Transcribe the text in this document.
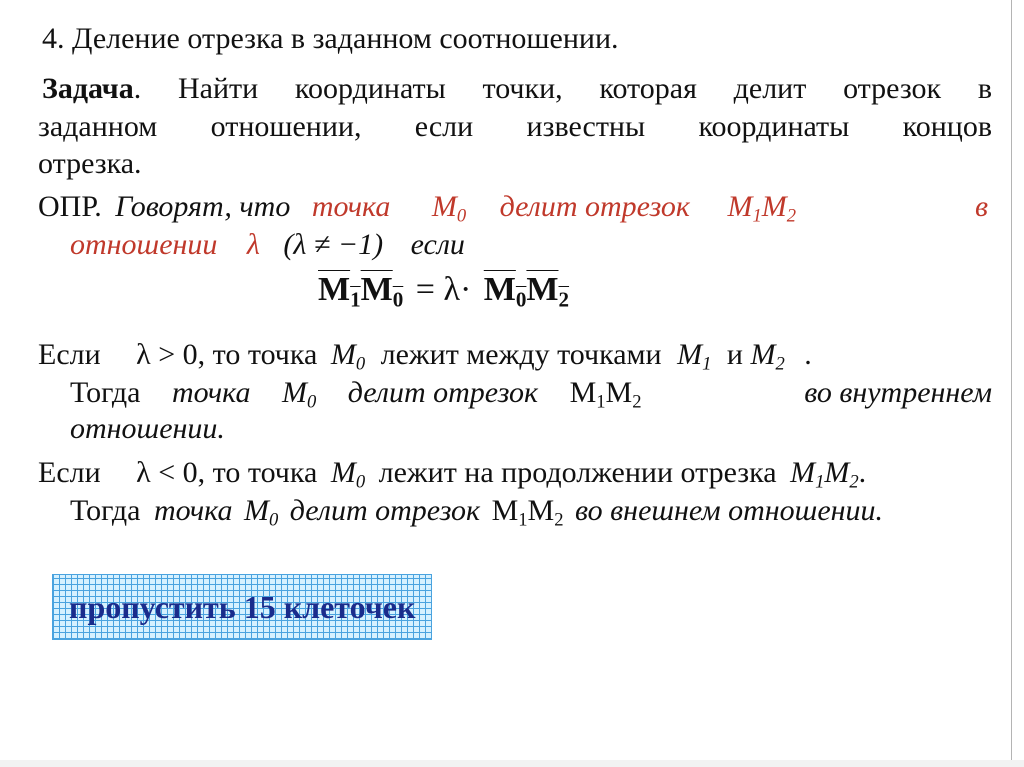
4. Деление отрезка в заданном соотношении.
Задача. Найти координаты точки, которая делит отрезок в
заданном отношении, если известны координаты концов
отрезка.
ОПР. Говорят, что точка $M_0$ делит отрезок $M_1M_2$	в
отношении λ (λ ≠ −1) если
$M_1M_0 = \lambda\cdot M_0M_2$
Если λ > 0, то точка $M_0$ лежит между точками $M_1$ и $M_2$ .
Тогда точка $M_0$ делит отрезок $M_1M_2$	во внутреннем
отношении.
Если λ < 0, то точка $M_0$ лежит на продолжении отрезка $M_1M_2$.
Тогда точка $M_0$ делит отрезок $M_1M_2$ во внешнем отношении.
пропустить 15 клеточек
